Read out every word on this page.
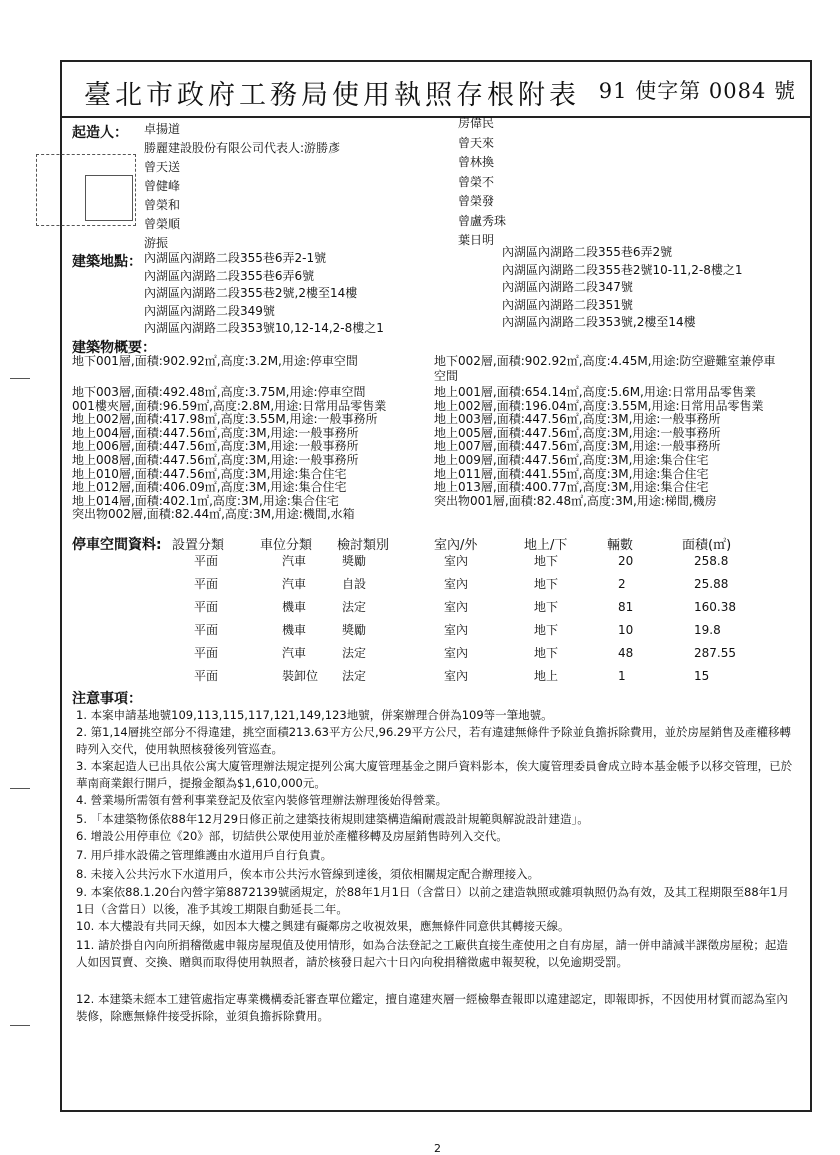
臺北市政府工務局使用執照存根附表 91 使字第 0084 號
起造人： 卓揚道
勝麗建設股份有限公司代表人:游勝彥
曾天送
曾健峰
曾榮和
曾榮順
游振
房偉民
曾天來
曾林換
曾榮不
曾榮發
曾盧秀珠
葉日明
建築地點： 內湖區內湖路二段355巷6弄2-1號
內湖區內湖路二段355巷6弄6號
內湖區內湖路二段355巷2號,2樓至14樓
內湖區內湖路二段349號
內湖區內湖路二段353號10,12-14,2-8樓之1
內湖區內湖路二段355巷6弄2號
內湖區內湖路二段355巷2號10-11,2-8樓之1
內湖區內湖路二段347號
內湖區內湖路二段351號
內湖區內湖路二段353號,2樓至14樓
建築物概要：
地下001層,面積:902.92㎡,高度:3.2M,用途:停車空間	地下002層,面積:902.92㎡,高度:4.45M,用途:防空避難室兼停車
空間
地下003層,面積:492.48㎡,高度:3.75M,用途:停車空間
001樓夾層,面積:96.59㎡,高度:2.8M,用途:日常用品零售業
地上002層,面積:417.98㎡,高度:3.55M,用途:一般事務所
地上004層,面積:447.56㎡,高度:3M,用途:一般事務所
地上006層,面積:447.56㎡,高度:3M,用途:一般事務所
地上008層,面積:447.56㎡,高度:3M,用途:一般事務所
地上010層,面積:447.56㎡,高度:3M,用途:集合住宅
地上012層,面積:406.09㎡,高度:3M,用途:集合住宅
地上014層,面積:402.1㎡,高度:3M,用途:集合住宅
突出物002層,面積:82.44㎡,高度:3M,用途:機間,水箱
地上001層,面積:654.14㎡,高度:5.6M,用途:日常用品零售業
地上002層,面積:196.04㎡,高度:3.55M,用途:日常用品零售業
地上003層,面積:447.56㎡,高度:3M,用途:一般事務所
地上005層,面積:447.56㎡,高度:3M,用途:一般事務所
地上007層,面積:447.56㎡,高度:3M,用途:一般事務所
地上009層,面積:447.56㎡,高度:3M,用途:集合住宅
地上011層,面積:441.55㎡,高度:3M,用途:集合住宅
地上013層,面積:400.77㎡,高度:3M,用途:集合住宅
突出物001層,面積:82.48㎡,高度:3M,用途:梯間,機房
停車空間資料: 設置分類	車位分類 檢討類別	室內/外	地上/下	輛數	面積(㎡)
平面	汽車	獎勵	室內	地下	20	258.8
平面	汽車	自設	室內	地下	2	25.88
平面	機車	法定	室內	地下	81	160.38
平面	機車	獎勵	室內	地下	10	19.8
平面	汽車	法定	室內	地下	48	287.55
平面	裝卸位 法定	室內	地上	1	15
注意事項：
1. 本案申請基地號109,113,115,117,121,149,123地號，併案辦理合併為109等一筆地號。
2. 第1,14層挑空部分不得違建，挑空面積213.63平方公尺,96.29平方公尺，若有違建無條件予除並負擔拆除費用，並於房屋銷售及產權移轉時列入交代，使用執照核發後列管巡查。
3. 本案起造人已出具依公寓大廈管理辦法規定提列公寓大廈管理基金之開戶資料影本，俟大廈管理委員會成立時本基金帳予以移交管理，已於華南商業銀行開戶，提撥金額為$1,610,000元。
4. 營業場所需領有營利事業登記及依室內裝修管理辦法辦理後始得營業。
5. 「本建築物係依88年12月29日修正前之建築技術規則建築構造編耐震設計規範與解說設計建造」。
6. 增設公用停車位《20》部，切結供公眾使用並於產權移轉及房屋銷售時列入交代。
7. 用戶排水設備之管理維護由水道用戶自行負責。
8. 未接入公共污水下水道用戶，俟本市公共污水管線到達後，須依相關規定配合辦理接入。
9. 本案依88.1.20台內營字第8872139號函規定，於88年1月1日（含當日）以前之建造執照或雜項執照仍為有效，及其工程期限至88年1月1日（含當日）以後，准予其竣工期限自動延長二年。
10. 本大樓設有共同天線，如因本大樓之興建有礙鄰房之收視效果，應無條件同意供其轉接天線。
11. 請於掛自內向所捐稽徵處申報房屋現值及使用情形，如為合法登記之工廠供直接生產使用之自有房屋，請一併申請減半課徵房屋稅；起造人如因買賣、交換、贈與而取得使用執照者，請於核發日起六十日內向稅捐稽徵處申報契稅，以免逾期受罰。
12. 本建築未經本工建管處指定專業機構委託審查單位鑑定，擅自違建夾層一經檢舉查報即以違建認定，即報即拆，不因使用材質而認為室內裝修，除應無條件接受拆除，並須負擔拆除費用。
2
